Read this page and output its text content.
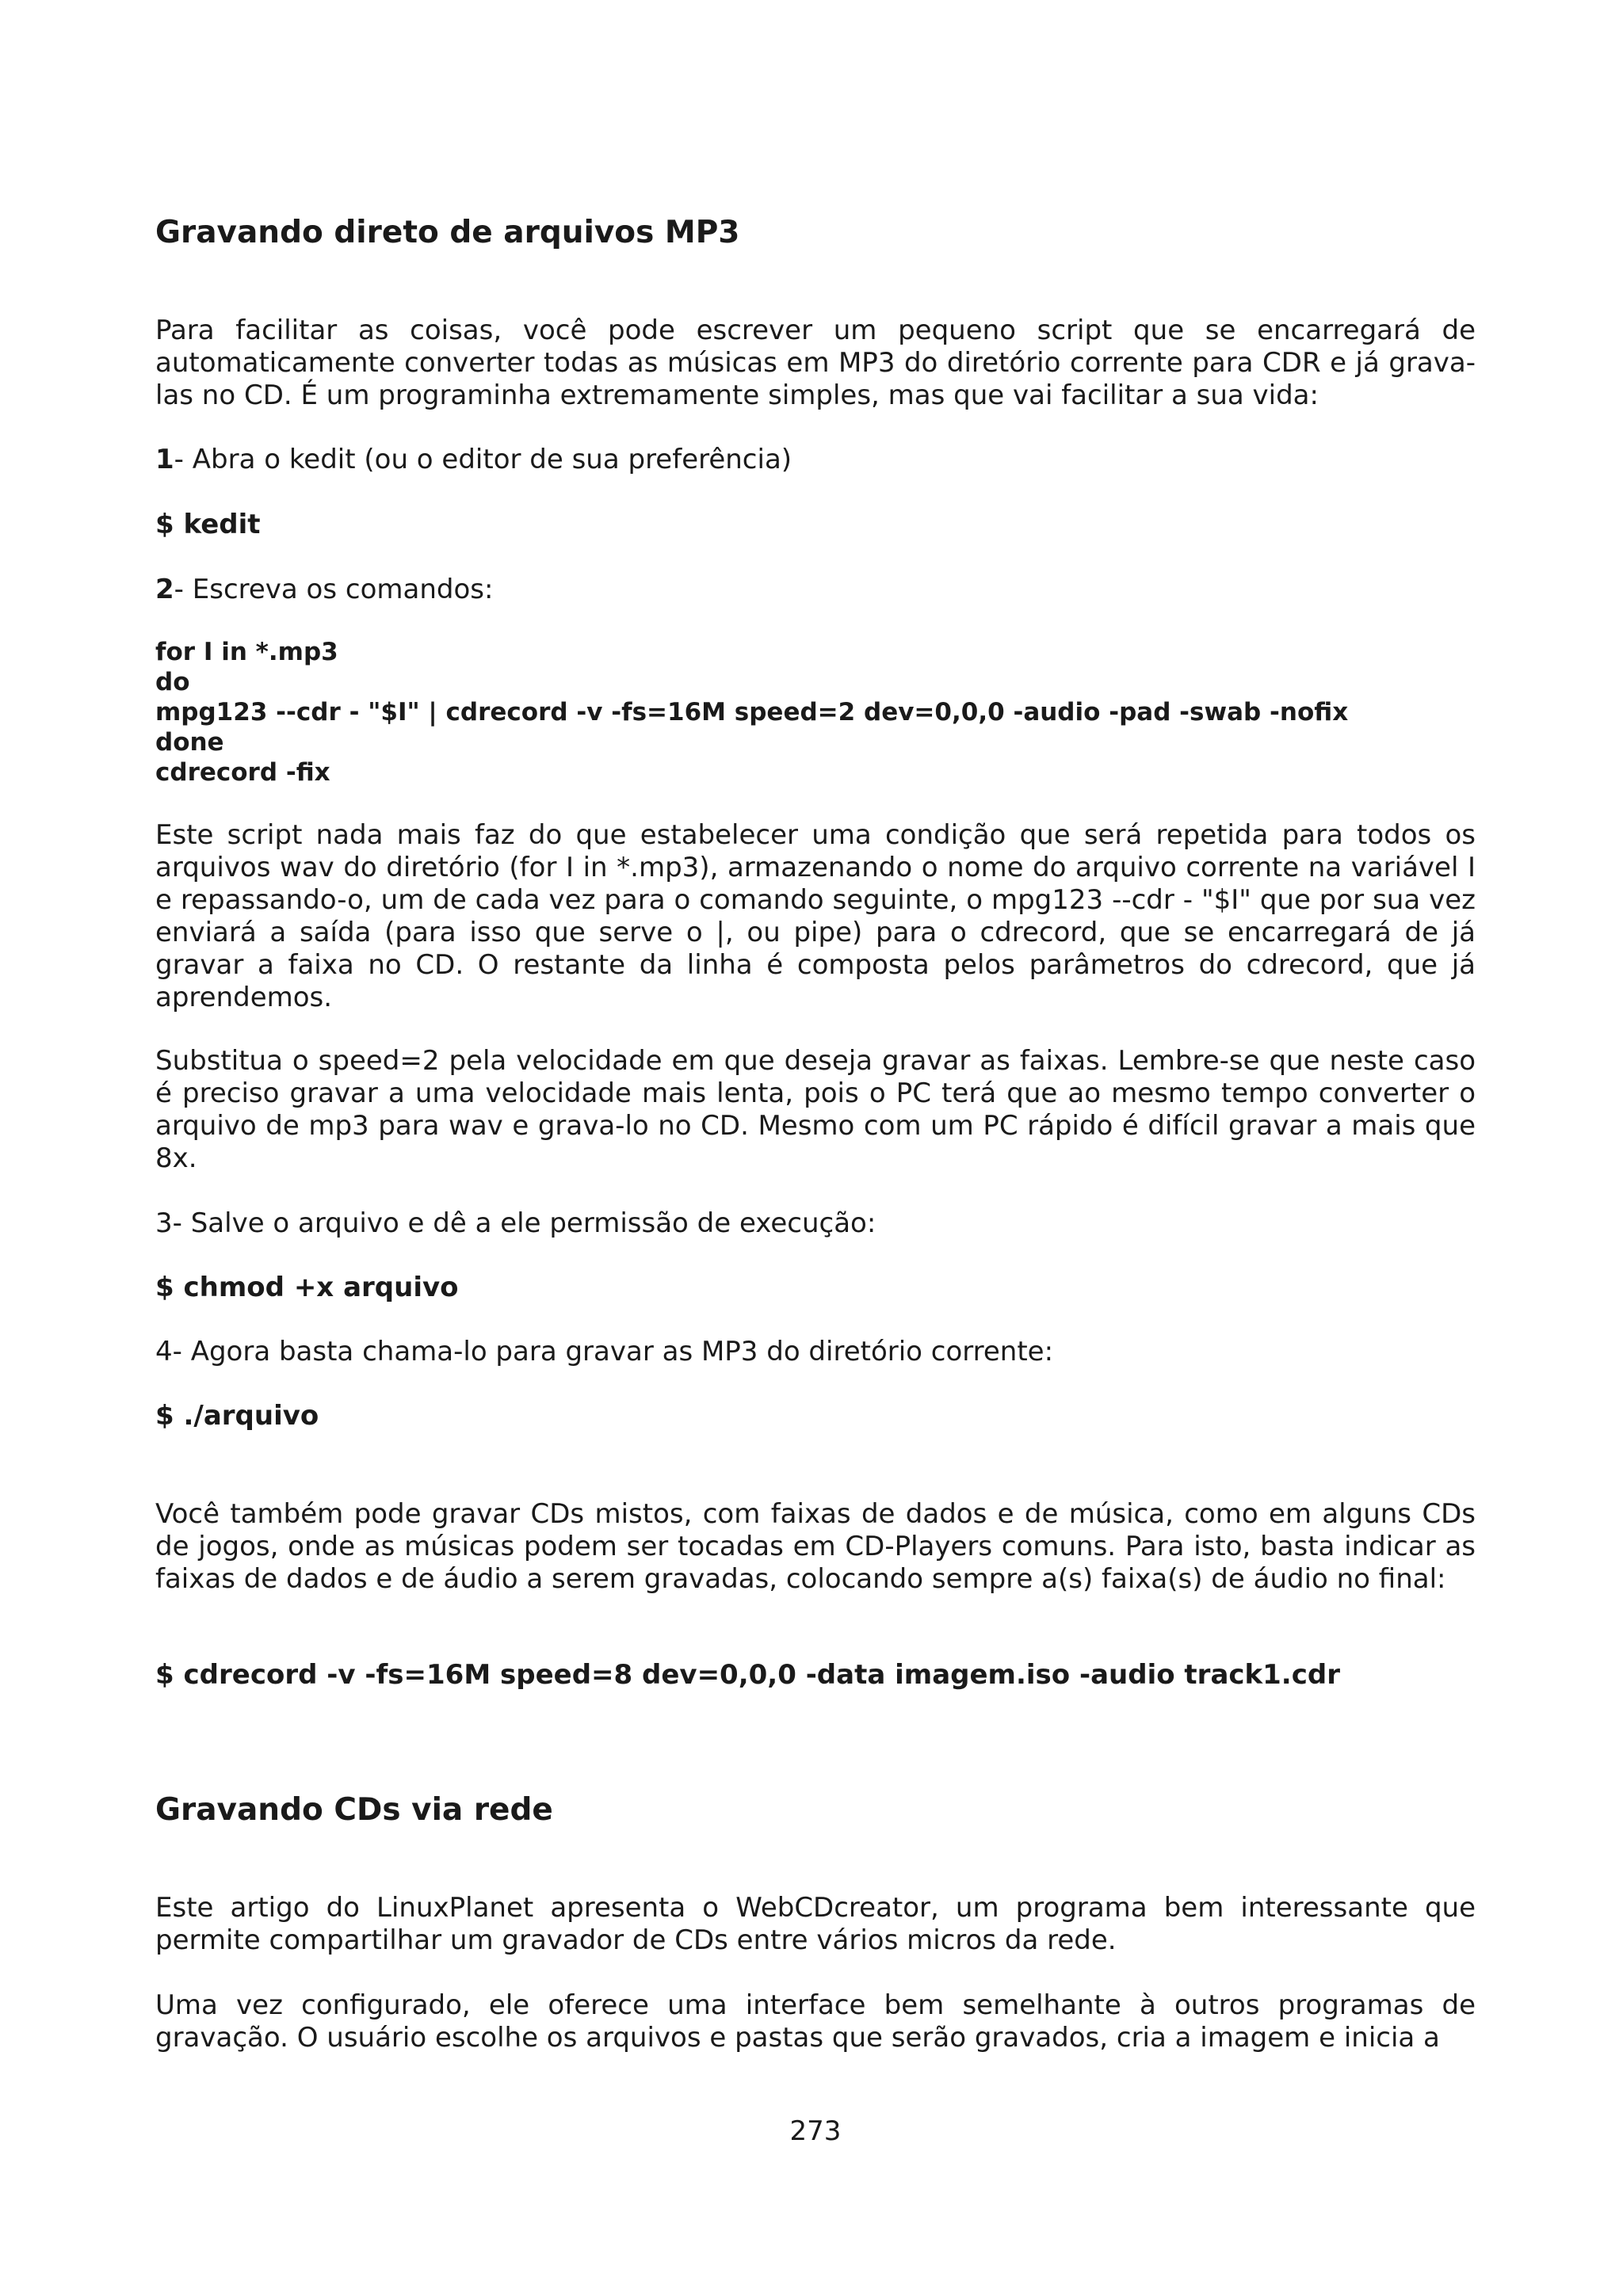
Gravando direto de arquivos MP3

Para facilitar as coisas, você pode escrever um pequeno script que se encarregará de automaticamente converter todas as músicas em MP3 do diretório corrente para CDR e já grava-las no CD. É um programinha extremamente simples, mas que vai facilitar a sua vida:

1- Abra o kedit (ou o editor de sua preferência)

$ kedit

2- Escreva os comandos:

for I in *.mp3
do
mpg123 --cdr - "$I" | cdrecord -v -fs=16M speed=2 dev=0,0,0 -audio -pad -swab -nofix
done
cdrecord -fix

Este script nada mais faz do que estabelecer uma condição que será repetida para todos os arquivos wav do diretório (for I in *.mp3), armazenando o nome do arquivo corrente na variável I e repassando-o, um de cada vez para o comando seguinte, o mpg123 --cdr - "$I" que por sua vez enviará a saída (para isso que serve o |, ou pipe) para o cdrecord, que se encarregará de já gravar a faixa no CD. O restante da linha é composta pelos parâmetros do cdrecord, que já aprendemos.

Substitua o speed=2 pela velocidade em que deseja gravar as faixas. Lembre-se que neste caso é preciso gravar a uma velocidade mais lenta, pois o PC terá que ao mesmo tempo converter o arquivo de mp3 para wav e grava-lo no CD. Mesmo com um PC rápido é difícil gravar a mais que 8x.

3- Salve o arquivo e dê a ele permissão de execução:

$ chmod +x arquivo

4- Agora basta chama-lo para gravar as MP3 do diretório corrente:

$ ./arquivo

Você também pode gravar CDs mistos, com faixas de dados e de música, como em alguns CDs de jogos, onde as músicas podem ser tocadas em CD-Players comuns. Para isto, basta indicar as faixas de dados e de áudio a serem gravadas, colocando sempre a(s) faixa(s) de áudio no final:

$ cdrecord -v -fs=16M speed=8 dev=0,0,0 -data imagem.iso -audio track1.cdr

Gravando CDs via rede

Este artigo do LinuxPlanet apresenta o WebCDcreator, um programa bem interessante que permite compartilhar um gravador de CDs entre vários micros da rede.

Uma vez configurado, ele oferece uma interface bem semelhante à outros programas de gravação. O usuário escolhe os arquivos e pastas que serão gravados, cria a imagem e inicia a

273
